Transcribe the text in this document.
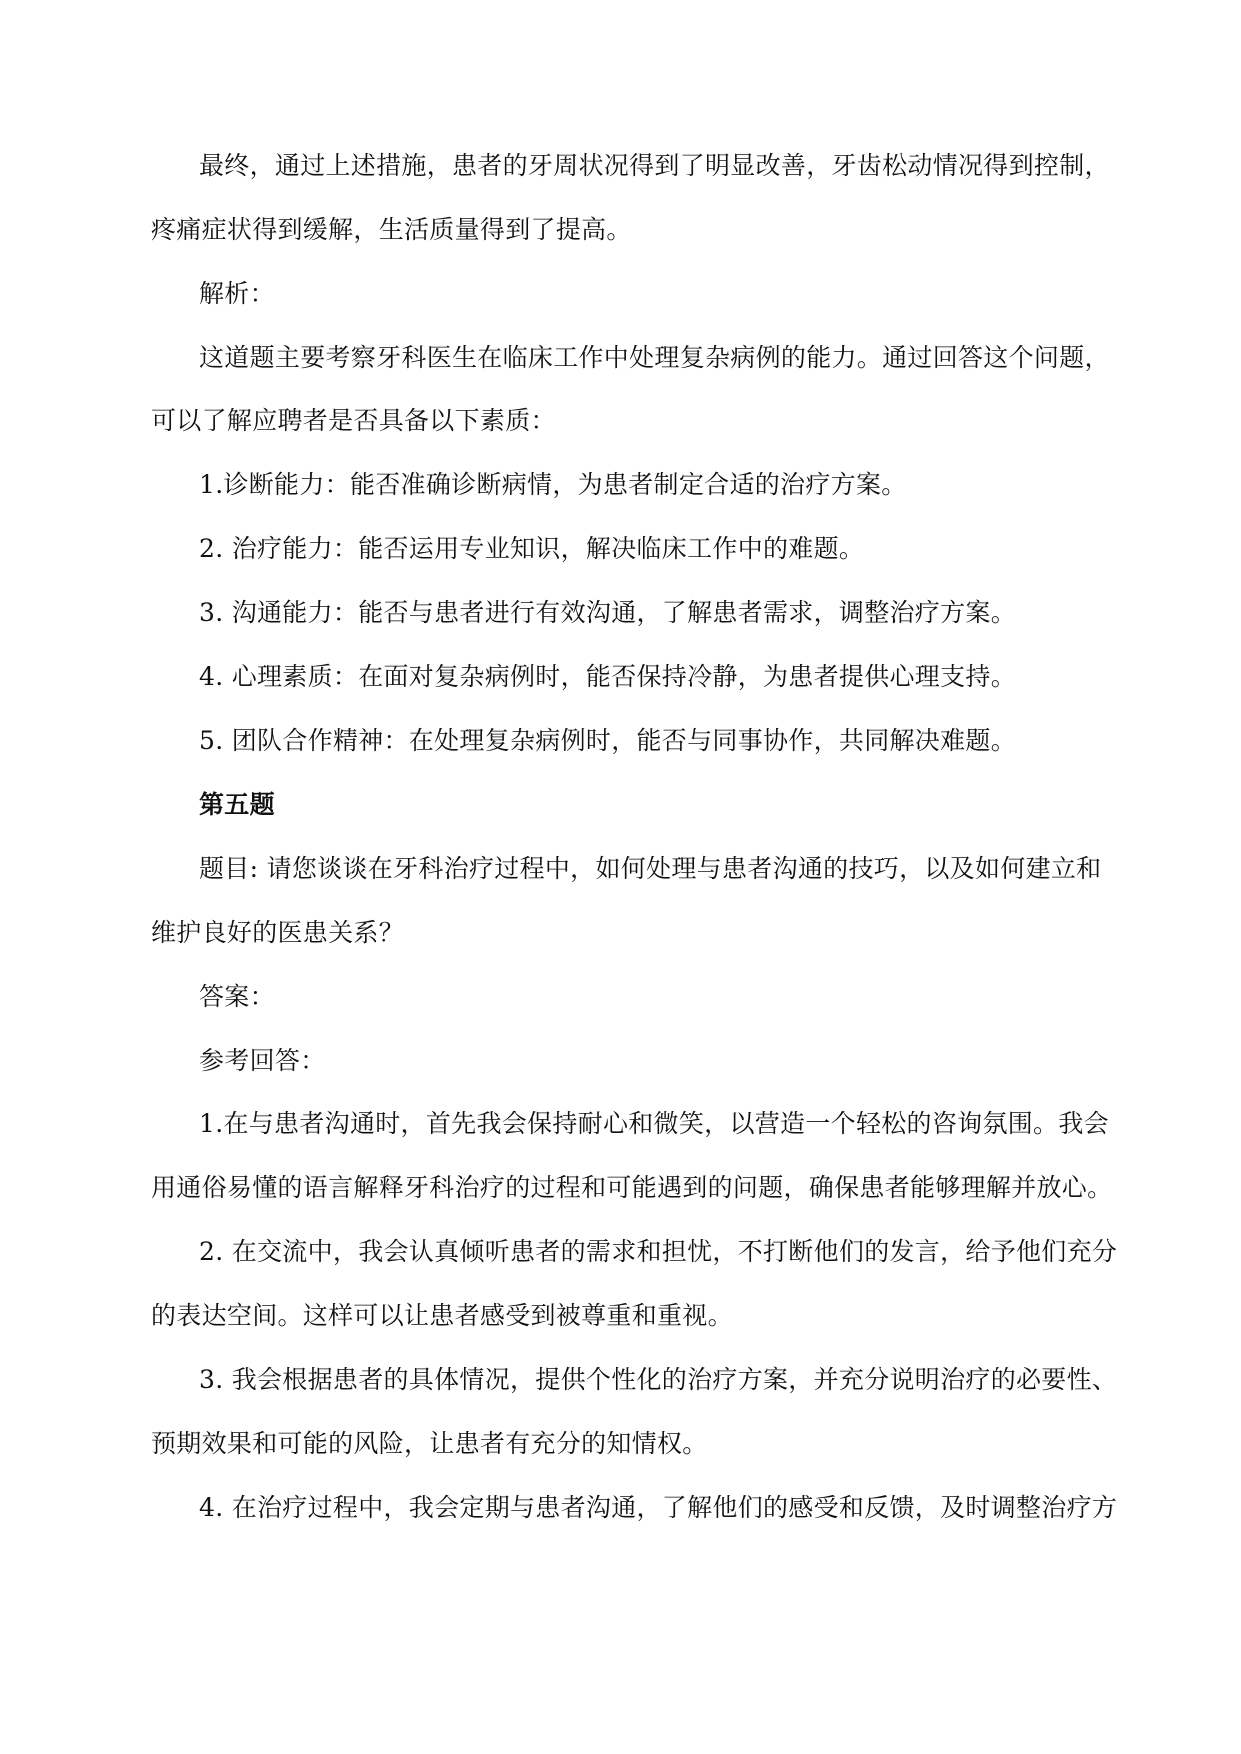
最终，通过上述措施，患者的牙周状况得到了明显改善，牙齿松动情况得到控制，

疼痛症状得到缓解，生活质量得到了提高。

解析：

这道题主要考察牙科医生在临床工作中处理复杂病例的能力。通过回答这个问题，

可以了解应聘者是否具备以下素质：

1.诊断能力：能否准确诊断病情，为患者制定合适的治疗方案。

2. 治疗能力：能否运用专业知识，解决临床工作中的难题。

3. 沟通能力：能否与患者进行有效沟通，了解患者需求，调整治疗方案。

4. 心理素质：在面对复杂病例时，能否保持冷静，为患者提供心理支持。

5. 团队合作精神：在处理复杂病例时，能否与同事协作，共同解决难题。

第五题

题目: 请您谈谈在牙科治疗过程中，如何处理与患者沟通的技巧，以及如何建立和

维护良好的医患关系？

答案：

参考回答：

1.在与患者沟通时，首先我会保持耐心和微笑，以营造一个轻松的咨询氛围。我会

用通俗易懂的语言解释牙科治疗的过程和可能遇到的问题，确保患者能够理解并放心。

2. 在交流中，我会认真倾听患者的需求和担忧，不打断他们的发言，给予他们充分

的表达空间。这样可以让患者感受到被尊重和重视。

3. 我会根据患者的具体情况，提供个性化的治疗方案，并充分说明治疗的必要性、

预期效果和可能的风险，让患者有充分的知情权。

4. 在治疗过程中，我会定期与患者沟通，了解他们的感受和反馈，及时调整治疗方
